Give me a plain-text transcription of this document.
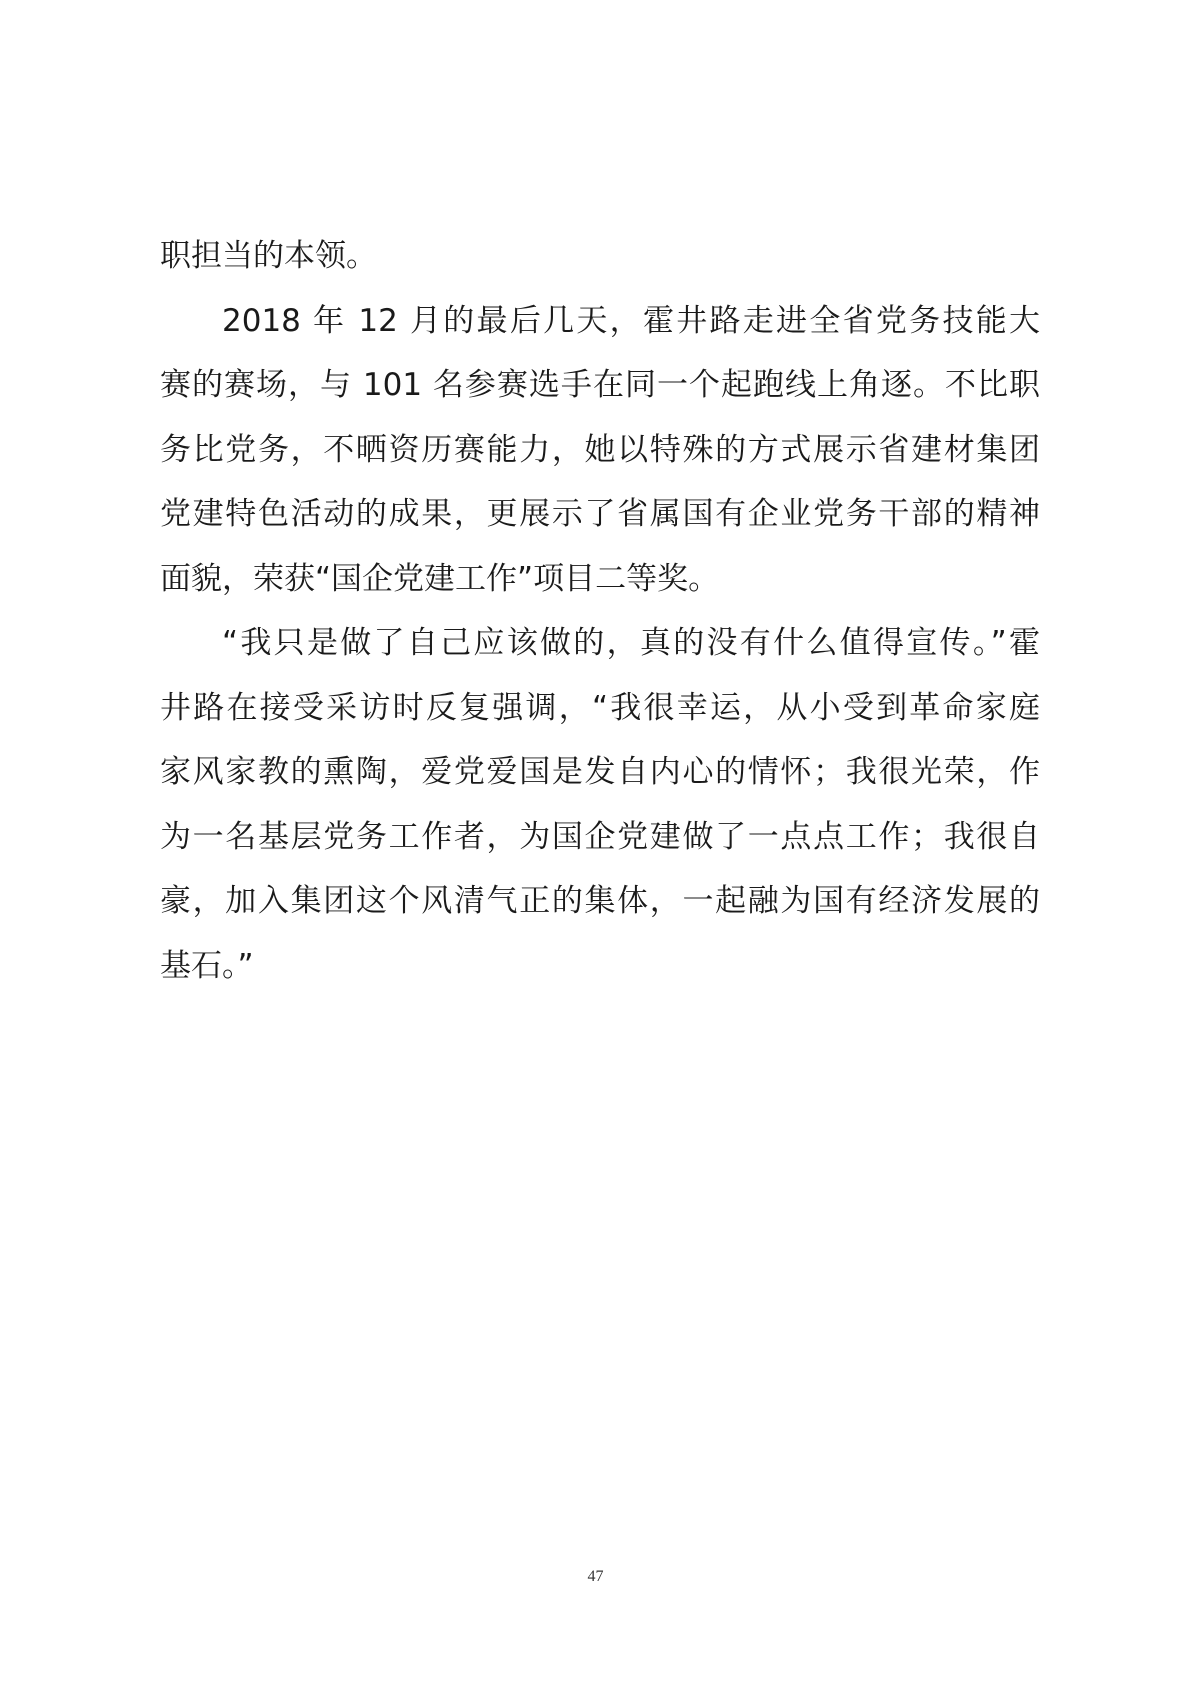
职担当的本领。
2018 年 12 月的最后几天，霍井路走进全省党务技能大
赛的赛场，与 101 名参赛选手在同一个起跑线上角逐。不比职
务比党务，不晒资历赛能力，她以特殊的方式展示省建材集团
党建特色活动的成果，更展示了省属国有企业党务干部的精神
面貌，荣获“国企党建工作”项目二等奖。
“我只是做了自己应该做的，真的没有什么值得宣传。”霍
井路在接受采访时反复强调，“我很幸运，从小受到革命家庭
家风家教的熏陶，爱党爱国是发自内心的情怀；我很光荣，作
为一名基层党务工作者，为国企党建做了一点点工作；我很自
豪，加入集团这个风清气正的集体，一起融为国有经济发展的
基石。”
47
